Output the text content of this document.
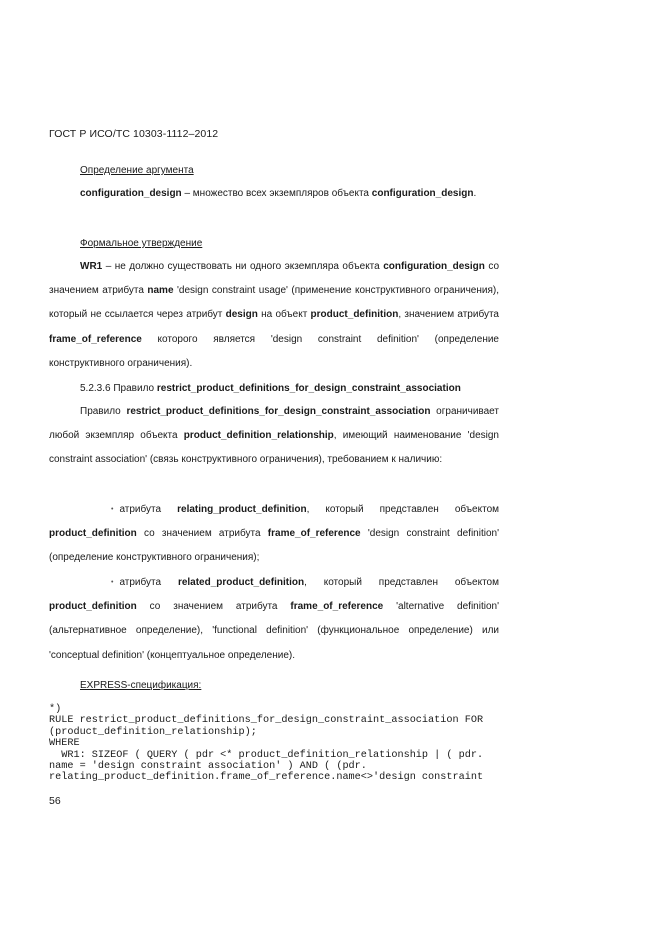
ГОСТ Р ИСО/ТС 10303-1112–2012
Определение аргумента

configuration_design – множество всех экземпляров объекта configuration_design.

Формальное утверждение

WR1 – не должно существовать ни одного экземпляра объекта configuration_design со значением атрибута name 'design constraint usage' (применение конструктивного ограничения), который не ссылается через атрибут design на объект product_definition, значением атрибута frame_of_reference которого является 'design constraint definition' (определение конструктивного ограничения).

5.2.3.6 Правило restrict_product_definitions_for_design_constraint_association

Правило restrict_product_definitions_for_design_constraint_association ограничивает любой экземпляр объекта product_definition_relationship, имеющий наименование 'design constraint association' (связь конструктивного ограничения), требованием к наличию:

• атрибута relating_product_definition, который представлен объектом product_definition со значением атрибута frame_of_reference 'design constraint definition' (определение конструктивного ограничения);

• атрибута related_product_definition, который представлен объектом product_definition со значением атрибута frame_of_reference 'alternative definition' (альтернативное определение), 'functional definition' (функциональное определение) или 'conceptual definition' (концептуальное определение).

EXPRESS-спецификация:
*)
RULE restrict_product_definitions_for_design_constraint_association FOR
(product_definition_relationship);
WHERE
WR1: SIZEOF ( QUERY ( pdr <* product_definition_relationship | ( pdr.
name = 'design constraint association' ) AND ( (pdr.
relating_product_definition.frame_of_reference.name<>'design constraint
56
